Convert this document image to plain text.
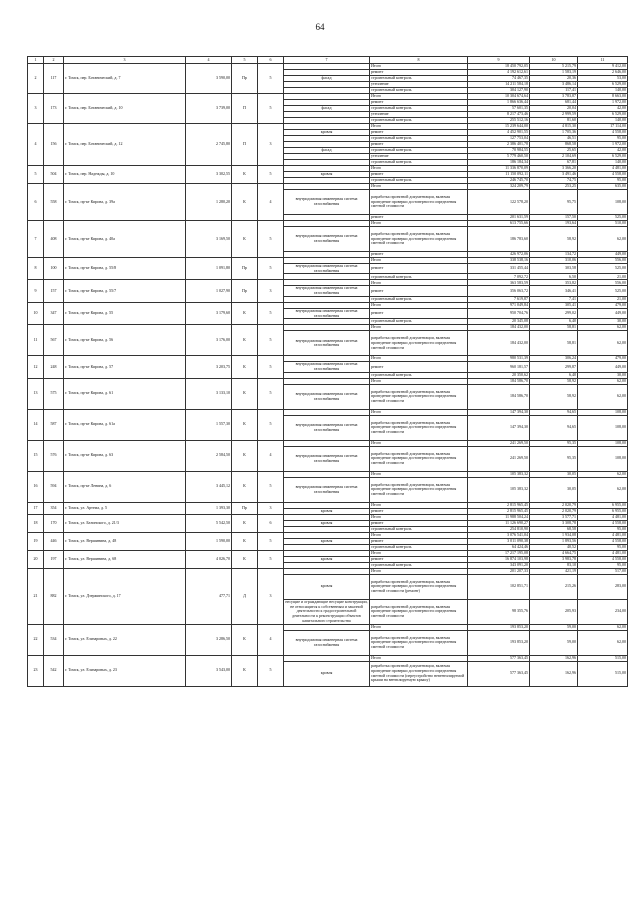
64
1	2	3	4	5	6	7	8	9	10	11
2	117	г. Томск, пер. Ботанический, д. 7	3 590,00	Пр	5		Итого	18 450 792,05	5 215,79	9 412,00
							ремонт	4 192 612,61	1 583,19	2 646,00
						фасад	строительный контроль	74 467,35	20,36	53,00
							утепление	14 211 584,18	3 486,14	6 529,00
							строительный контроль	304 127,90	117,41	140,00
3	173	г. Томск, пер. Ботанический, д. 10	3 739,00	П	5		Итого	10 304 674,64	3 783,87	8 663,00
							ремонт	1 866 636,44	681,44	1 972,00
						фасад	строительный контроль	57 601,35	20,04	42,00
							утепление	8 217 473,46	2 999,59	6 529,00
							строительный контроль	255 512,16	81,60	140,00
4	156	г. Томск, пер. Ботанический, д. 12	2 745,80	П	3		Итого	15 239 644,00	4 815,30	17 114,00
						кровля	ремонт	4 452 901,55	1 705,36	4 558,00
							строительный контроль	127 753,04	46,51	95,00
							ремонт	2 386 401,78	868,58	1 972,00
						фасад	строительный контроль	70 984,55	25,65	42,00
							утепление	5 779 460,50	2 104,69	6 529,00
							строительный контроль	186 184,34	67,81	140,00
5	504	г. Томск, пер. Надежды, д. 10	3 302,55	К	5		Итого	11 336 870,09	3 366,20	4 481,00
						кровля	ремонт	11 150 092,11	3 491,46	4 558,00
							строительный контроль	246 745,70	74,75	95,00
6	558	г. Томск, пр-кт Кирова, д. 39а	1 280,20	К	4		Итого	324 209,79	253,25	635,00
						внутридомовая инженерная система газоснабжения	разработка проектной документации, включая проведение проверки достоверности определения сметной стоимости	122 578,20	95,75	108,00
							ремонт	201 631,59	157,50	525,00
7	408	г. Томск, пр-кт Кирова, д. 40а	3 169,50	К	5		Итого	613 755,66	193,64	510,00
						внутридомовая инженерная система газоснабжения	разработка проектной документации, включая проведение проверки достоверности определения сметной стоимости	186 783,60	58,92	62,00
							ремонт	426 972,06	134,72	449,00
8	100	г. Томск, пр-кт Кирова, д. 55/8	1 091,80	Пр	5		Итого	338 538,16	310,06	556,00
						внутридомовая инженерная система газоснабжения	ремонт	331 455,44	303,58	525,00
							строительный контроль	7 092,72	6,50	21,00
9	157	г. Томск, пр-кт Кирова, д. 55/7	1 027,90	Пр	3		Итого	363 583,59	353,82	556,00
						внутридомовая инженерная система газоснабжения	ремонт	356 063,72	346,41	525,00
							строительный контроль	7 619,87	7,41	21,00
10	347	г. Томск, пр-кт Кирова, д. 55	3 179,60	К	5		Итого	971 049,84	305,41	479,00
						внутридомовая инженерная система газоснабжения	ремонт	950 704,76	299,02	449,00
							строительный контроль	20 345,08	6,40	30,00
11	567	г. Томск, пр-кт Кирова, д. 56	3 176,00	К	5		Итого	184 432,00	58,81	62,00
						внутридомовая инженерная система газоснабжения	разработка проектной документации, включая проведение проверки достоверности определения сметной стоимости	184 432,00	58,81	62,00
12	248	г. Томск, пр-кт Кирова, д. 57	3 203,75	К	5		Итого	980 531,39	306,24	479,00
						внутридомовая инженерная система газоснабжения	ремонт	960 181,57	299,87	449,00
							строительный контроль	20 350,62	6,40	30,00
13	575	г. Томск, пр-кт Кирова, д. 61	3 133,10	К	5		Итого	184 586,70	58,92	62,00
						внутридомовая инженерная система газоснабжения	разработка проектной документации, включая проведение проверки достоверности определения сметной стоимости	184 586,70	58,92	62,00
14	587	г. Томск, пр-кт Кирова, д. 61а	1 557,30	К	5		Итого	147 394,30	94,65	108,00
						внутридомовая инженерная система газоснабжения	разработка проектной документации, включая проведение проверки достоверности определения сметной стоимости	147 394,30	94,65	108,00
15	576	г. Томск, пр-кт Кирова, д. 63	2 584,50	К	4		Итого	241 269,50	95,35	108,00
						внутридомовая инженерная система газоснабжения	разработка проектной документации, включая проведение проверки достоверности определения сметной стоимости	241 269,50	95,35	108,00
16	594	г. Томск, пр-кт Ленина, д. 6	3 445,12	К	5		Итого	105 383,32	30,05	62,00
						внутридомовая инженерная система газоснабжения	разработка проектной документации, включая проведение проверки достоверности определения сметной стоимости	105 383,32	30,05	62,00
17	354	г. Томск, ул. Артема, д. 5	1 393,30	Пр	3		Итого	2 815 965,45	2 020,79	6 955,00
						кровля	ремонт	2 815 965,45	2 020,79	6 955,00
18	170	г. Томск, ул. Белинского, д. 21/3	5 542,50	К	6		Итого	11 988 504,24	3 577,71	4 481,00
						кровля	ремонт	11 126 690,27	3 308,78	4 558,00
							строительный контроль	254 810,90	68,58	95,00
19	446	г. Томск, ул. Вершинина, д. 48	1 590,00	К	5		Итого	3 076 541,04	1 934,08	4 481,00
						кровля	ремонт	3 011 090,38	1 893,56	4 558,00
							строительный контроль	64 424,46	40,52	95,00
20	197	г. Томск, ул. Вершинина, д. 68	4 026,70	К	5		Итого	17 217 195,08	4 664,75	4 481,00
						кровля	ремонт	16 874 103,98	3 983,78	4 558,00
							строительный контроль	343 091,20	83,10	95,00
21	882	г. Томск, ул. Дзержинского, д. 17	477,71	Д	3		Итого	201 207,33	421,19	517,00
						кровля	разработка проектной документации, включая проведение проверки достоверности определения сметной стоимости (ремонт)	102 851,71	215,26	283,00
						несущие и ограждающие несущие конструкции, не относящиеся к собственным и заказной деятельности к градостроительной деятельности к реконструкции объектов капитального строительства	разработка проектной документации, включая проведение проверки достоверности определения сметной стоимости	98 355,76	205,93	234,00
22	534	г. Томск, ул. Елизаровых, д. 22	3 286,50	К	4		Итого	193 853,20	59,00	62,00
						внутридомовая инженерная система газоснабжения	разработка проектной документации, включая проведение проверки достоверности определения сметной стоимости	193 853,20	59,00	62,00
23	542	г. Томск, ул. Елизаровых, д. 23	3 543,00	К	5		Итого	577 363,45	162,96	515,00
						кровля	разработка проектной документации, включая проведение проверки достоверности определения сметной стоимости (переустройство невентилируемой крыши на вентилируемую крышу)	577 363,45	162,96	515,00
